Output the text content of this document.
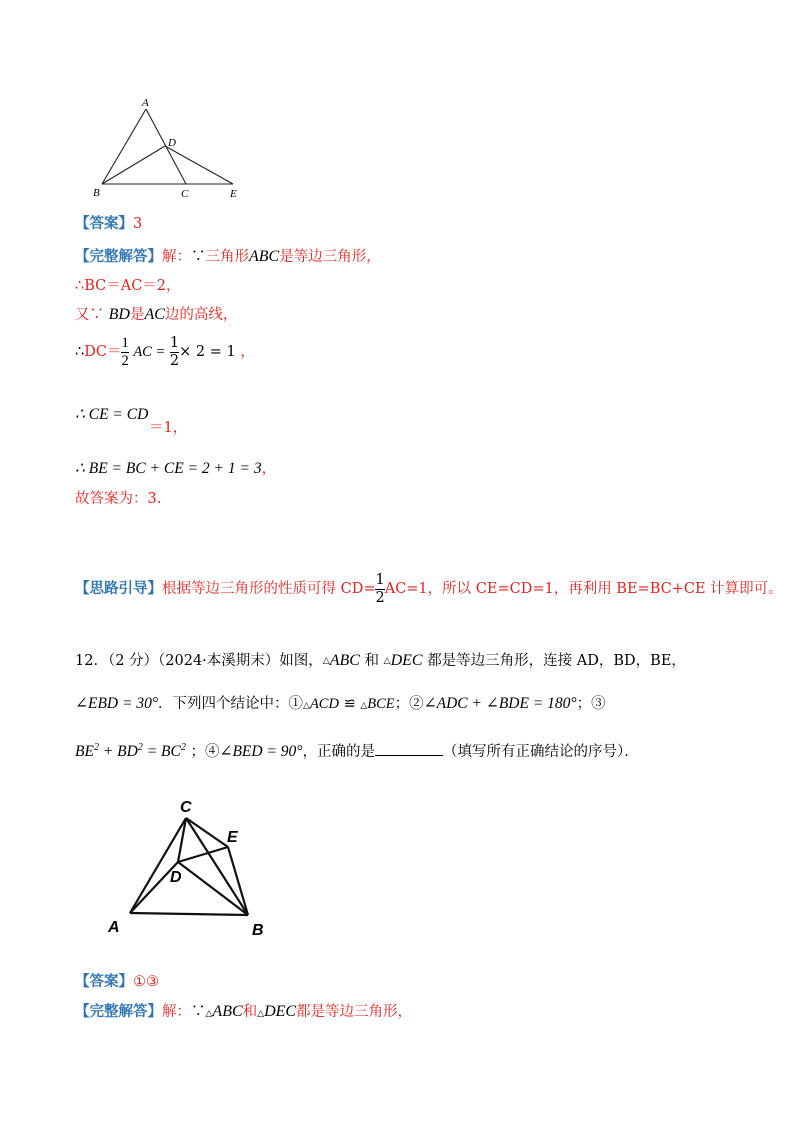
A
D
B	C	E
【答案】3
【完整解答】解：∵三角形ABC是等边三角形，
∴BC＝AC＝2，
又∵ BD是AC边的高线，
∴DC＝ $\frac{1}{2}$ AC = $\frac{1}{2} \times 2 = 1$ ，
∴ CE = CD
＝1，
∴ BE = BC + CE = 2 + 1 = 3，
故答案为：3.
【思路引导】根据等边三角形的性质可得 $CD= \frac{1}{2} AC=1$，所以 CE=CD=1，再利用 BE=BC+CE 计算即可。
12．（2 分）（2024·本溪期末）如图，△ABC 和 △DEC 都是等边三角形，连接 AD，BD，BE，
∠EBD = 30°．下列四个结论中：①△ACD ≌ △BCE；②∠ADC + ∠BDE = 180°；③
$BE^2 + BD^2 = BC^2$ ；④∠BED = 90°，正确的是	（填写所有正确结论的序号）．
C
E
D
A	B
【答案】①③
【完整解答】解：∵△ABC和△DEC都是等边三角形，
